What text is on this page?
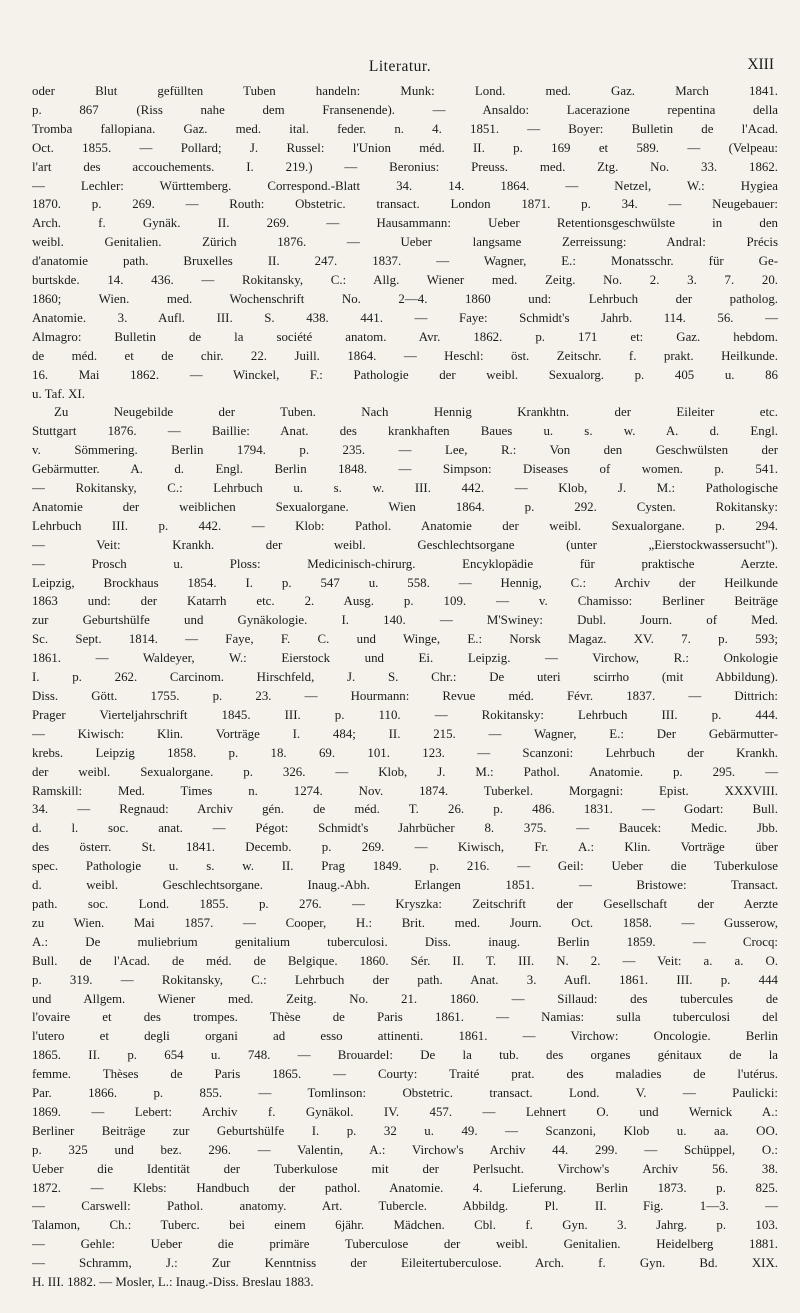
Literatur.	XIII
oder Blut gefüllten Tuben handeln: Munk: Lond. med. Gaz. March 1841.
p. 867 (Riss nahe dem Fransenende). — Ansaldo: Lacerazione repentina della
Tromba fallopiana. Gaz. med. ital. feder. n. 4. 1851. — Boyer: Bulletin de l'Acad.
Oct. 1855. — Pollard; J. Russel: l'Union méd. II. p. 169 et 589. — (Velpeau:
l'art des accouchements. I. 219.) — Beronius: Preuss. med. Ztg. No. 33. 1862.
— Lechler: Württemberg. Correspond.-Blatt 34. 14. 1864. — Netzel, W.: Hygiea
1870. p. 269. — Routh: Obstetric. transact. London 1871. p. 34. — Neugebauer:
Arch. f. Gynäk. II. 269. — Hausammann: Ueber Retentionsgeschwülste in den
weibl. Genitalien. Zürich 1876. — Ueber langsame Zerreissung: Andral: Précis
d'anatomie path. Bruxelles II. 247. 1837. — Wagner, E.: Monatsschr. für Ge-
burtskde. 14. 436. — Rokitansky, C.: Allg. Wiener med. Zeitg. No. 2. 3. 7. 20.
1860; Wien. med. Wochenschrift No. 2—4. 1860 und: Lehrbuch der patholog.
Anatomie. 3. Aufl. III. S. 438. 441. — Faye: Schmidt's Jahrb. 114. 56. —
Almagro: Bulletin de la société anatom. Avr. 1862. p. 171 et: Gaz. hebdom.
de méd. et de chir. 22. Juill. 1864. — Heschl: öst. Zeitschr. f. prakt. Heilkunde.
16. Mai 1862. — Winckel, F.: Pathologie der weibl. Sexualorg. p. 405 u. 86
u. Taf. XI.
Zu Neugebilde der Tuben. Nach Hennig Krankhtn. der Eileiter etc.
Stuttgart 1876. — Baillie: Anat. des krankhaften Baues u. s. w. A. d. Engl.
v. Sömmering. Berlin 1794. p. 235. — Lee, R.: Von den Geschwülsten der
Gebärmutter. A. d. Engl. Berlin 1848. — Simpson: Diseases of women. p. 541.
— Rokitansky, C.: Lehrbuch u. s. w. III. 442. — Klob, J. M.: Pathologische
Anatomie der weiblichen Sexualorgane. Wien 1864. p. 292. Cysten. Rokitansky:
Lehrbuch III. p. 442. — Klob: Pathol. Anatomie der weibl. Sexualorgane. p. 294.
— Veit: Krankh. der weibl. Geschlechtsorgane (unter „Eierstockwassersucht").
— Prosch u. Ploss: Medicinisch-chirurg. Encyklopädie für praktische Aerzte.
Leipzig, Brockhaus 1854. I. p. 547 u. 558. — Hennig, C.: Archiv der Heilkunde
1863 und: der Katarrh etc. 2. Ausg. p. 109. — v. Chamisso: Berliner Beiträge
zur Geburtshülfe und Gynäkologie. I. 140. — M'Swiney: Dubl. Journ. of Med.
Sc. Sept. 1814. — Faye, F. C. und Winge, E.: Norsk Magaz. XV. 7. p. 593;
1861. — Waldeyer, W.: Eierstock und Ei. Leipzig. — Virchow, R.: Onkologie
I. p. 262. Carcinom. Hirschfeld, J. S. Chr.: De uteri scirrho (mit Abbildung).
Diss. Gött. 1755. p. 23. — Hourmann: Revue méd. Févr. 1837. — Dittrich:
Prager Vierteljahrschrift 1845. III. p. 110. — Rokitansky: Lehrbuch III. p. 444.
— Kiwisch: Klin. Vorträge I. 484; II. 215. — Wagner, E.: Der Gebärmutter-
krebs. Leipzig 1858. p. 18. 69. 101. 123. — Scanzoni: Lehrbuch der Krankh.
der weibl. Sexualorgane. p. 326. — Klob, J. M.: Pathol. Anatomie. p. 295. —
Ramskill: Med. Times n. 1274. Nov. 1874. Tuberkel. Morgagni: Epist. XXXVIII.
34. — Regnaud: Archiv gén. de méd. T. 26. p. 486. 1831. — Godart: Bull.
d. l. soc. anat. — Pégot: Schmidt's Jahrbücher 8. 375. — Baucek: Medic. Jbb.
des österr. St. 1841. Decemb. p. 269. — Kiwisch, Fr. A.: Klin. Vorträge über
spec. Pathologie u. s. w. II. Prag 1849. p. 216. — Geil: Ueber die Tuberkulose
d. weibl. Geschlechtsorgane. Inaug.-Abh. Erlangen 1851. — Bristowe: Transact.
path. soc. Lond. 1855. p. 276. — Kryszka: Zeitschrift der Gesellschaft der Aerzte
zu Wien. Mai 1857. — Cooper, H.: Brit. med. Journ. Oct. 1858. — Gusserow,
A.: De muliebrium genitalium tuberculosi. Diss. inaug. Berlin 1859. — Crocq:
Bull. de l'Acad. de méd. de Belgique. 1860. Sér. II. T. III. N. 2. — Veit: a. a. O.
p. 319. — Rokitansky, C.: Lehrbuch der path. Anat. 3. Aufl. 1861. III. p. 444
und Allgem. Wiener med. Zeitg. No. 21. 1860. — Sillaud: des tubercules de
l'ovaire et des trompes. Thèse de Paris 1861. — Namias: sulla tuberculosi del
l'utero et degli organi ad esso attinenti. 1861. — Virchow: Oncologie. Berlin
1865. II. p. 654 u. 748. — Brouardel: De la tub. des organes génitaux de la
femme. Thèses de Paris 1865. — Courty: Traité prat. des maladies de l'utérus.
Par. 1866. p. 855. — Tomlinson: Obstetric. transact. Lond. V. — Paulicki:
1869. — Lebert: Archiv f. Gynäkol. IV. 457. — Lehnert O. und Wernick A.:
Berliner Beiträge zur Geburtshülfe I. p. 32 u. 49. — Scanzoni, Klob u. aa. OO.
p. 325 und bez. 296. — Valentin, A.: Virchow's Archiv 44. 299. — Schüppel, O.:
Ueber die Identität der Tuberkulose mit der Perlsucht. Virchow's Archiv 56. 38.
1872. — Klebs: Handbuch der pathol. Anatomie. 4. Lieferung. Berlin 1873. p. 825.
— Carswell: Pathol. anatomy. Art. Tubercle. Abbildg. Pl. II. Fig. 1—3. —
Talamon, Ch.: Tuberc. bei einem 6jähr. Mädchen. Cbl. f. Gyn. 3. Jahrg. p. 103.
— Gehle: Ueber die primäre Tuberculose der weibl. Genitalien. Heidelberg 1881.
— Schramm, J.: Zur Kenntniss der Eileitertuberculose. Arch. f. Gyn. Bd. XIX.
H. III. 1882. — Mosler, L.: Inaug.-Diss. Breslau 1883.
